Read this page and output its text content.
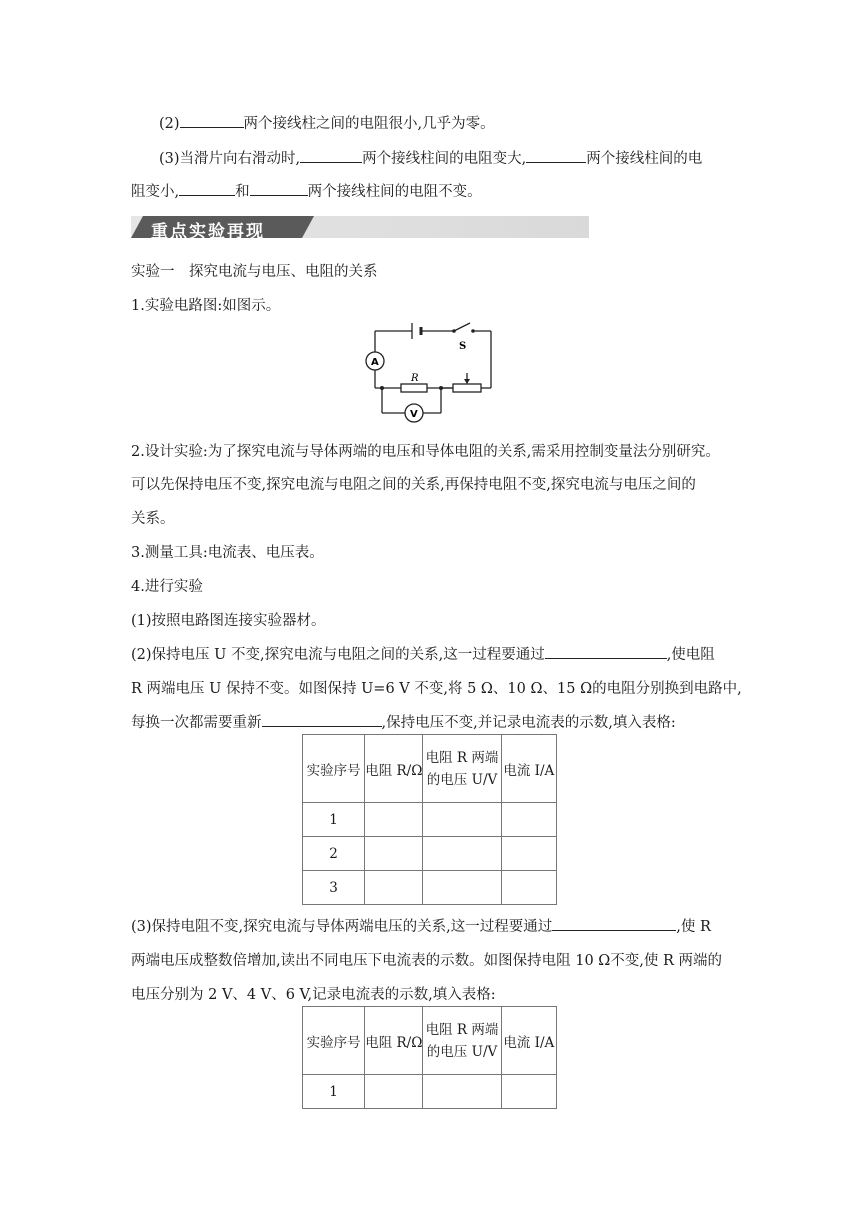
(2)	两个接线柱之间的电阻很小,几乎为零。
(3)当滑片向右滑动时,	两个接线柱间的电阻变大,	两个接线柱间的电
阻变小,	和	两个接线柱间的电阻不变。
重点实验再现
实验一　探究电流与电压、电阻的关系
1.实验电路图:如图示。
S
A
R
V
2.设计实验:为了探究电流与导体两端的电压和导体电阻的关系,需采用控制变量法分别研究。
可以先保持电压不变,探究电流与电阻之间的关系,再保持电阻不变,探究电流与电压之间的
关系。
3.测量工具:电流表、电压表。
4.进行实验
(1)按照电路图连接实验器材。
(2)保持电压 U 不变,探究电流与电阻之间的关系,这一过程要通过	,使电阻
R 两端电压 U 保持不变。如图保持 U=6 V 不变,将 5 Ω、10 Ω、15 Ω的电阻分别换到电路中,
每换一次都需要重新	,保持电压不变,并记录电流表的示数,填入表格:
实验序号	电阻 R/Ω	电阻 R 两端
的电压 U/V	电流 I/A
1			
2			
3			
(3)保持电阻不变,探究电流与导体两端电压的关系,这一过程要通过	,使 R
两端电压成整数倍增加,读出不同电压下电流表的示数。如图保持电阻 10 Ω不变,使 R 两端的
电压分别为 2 V、4 V、6 V,记录电流表的示数,填入表格:
实验序号	电阻 R/Ω	电阻 R 两端
的电压 U/V	电流 I/A
1			
